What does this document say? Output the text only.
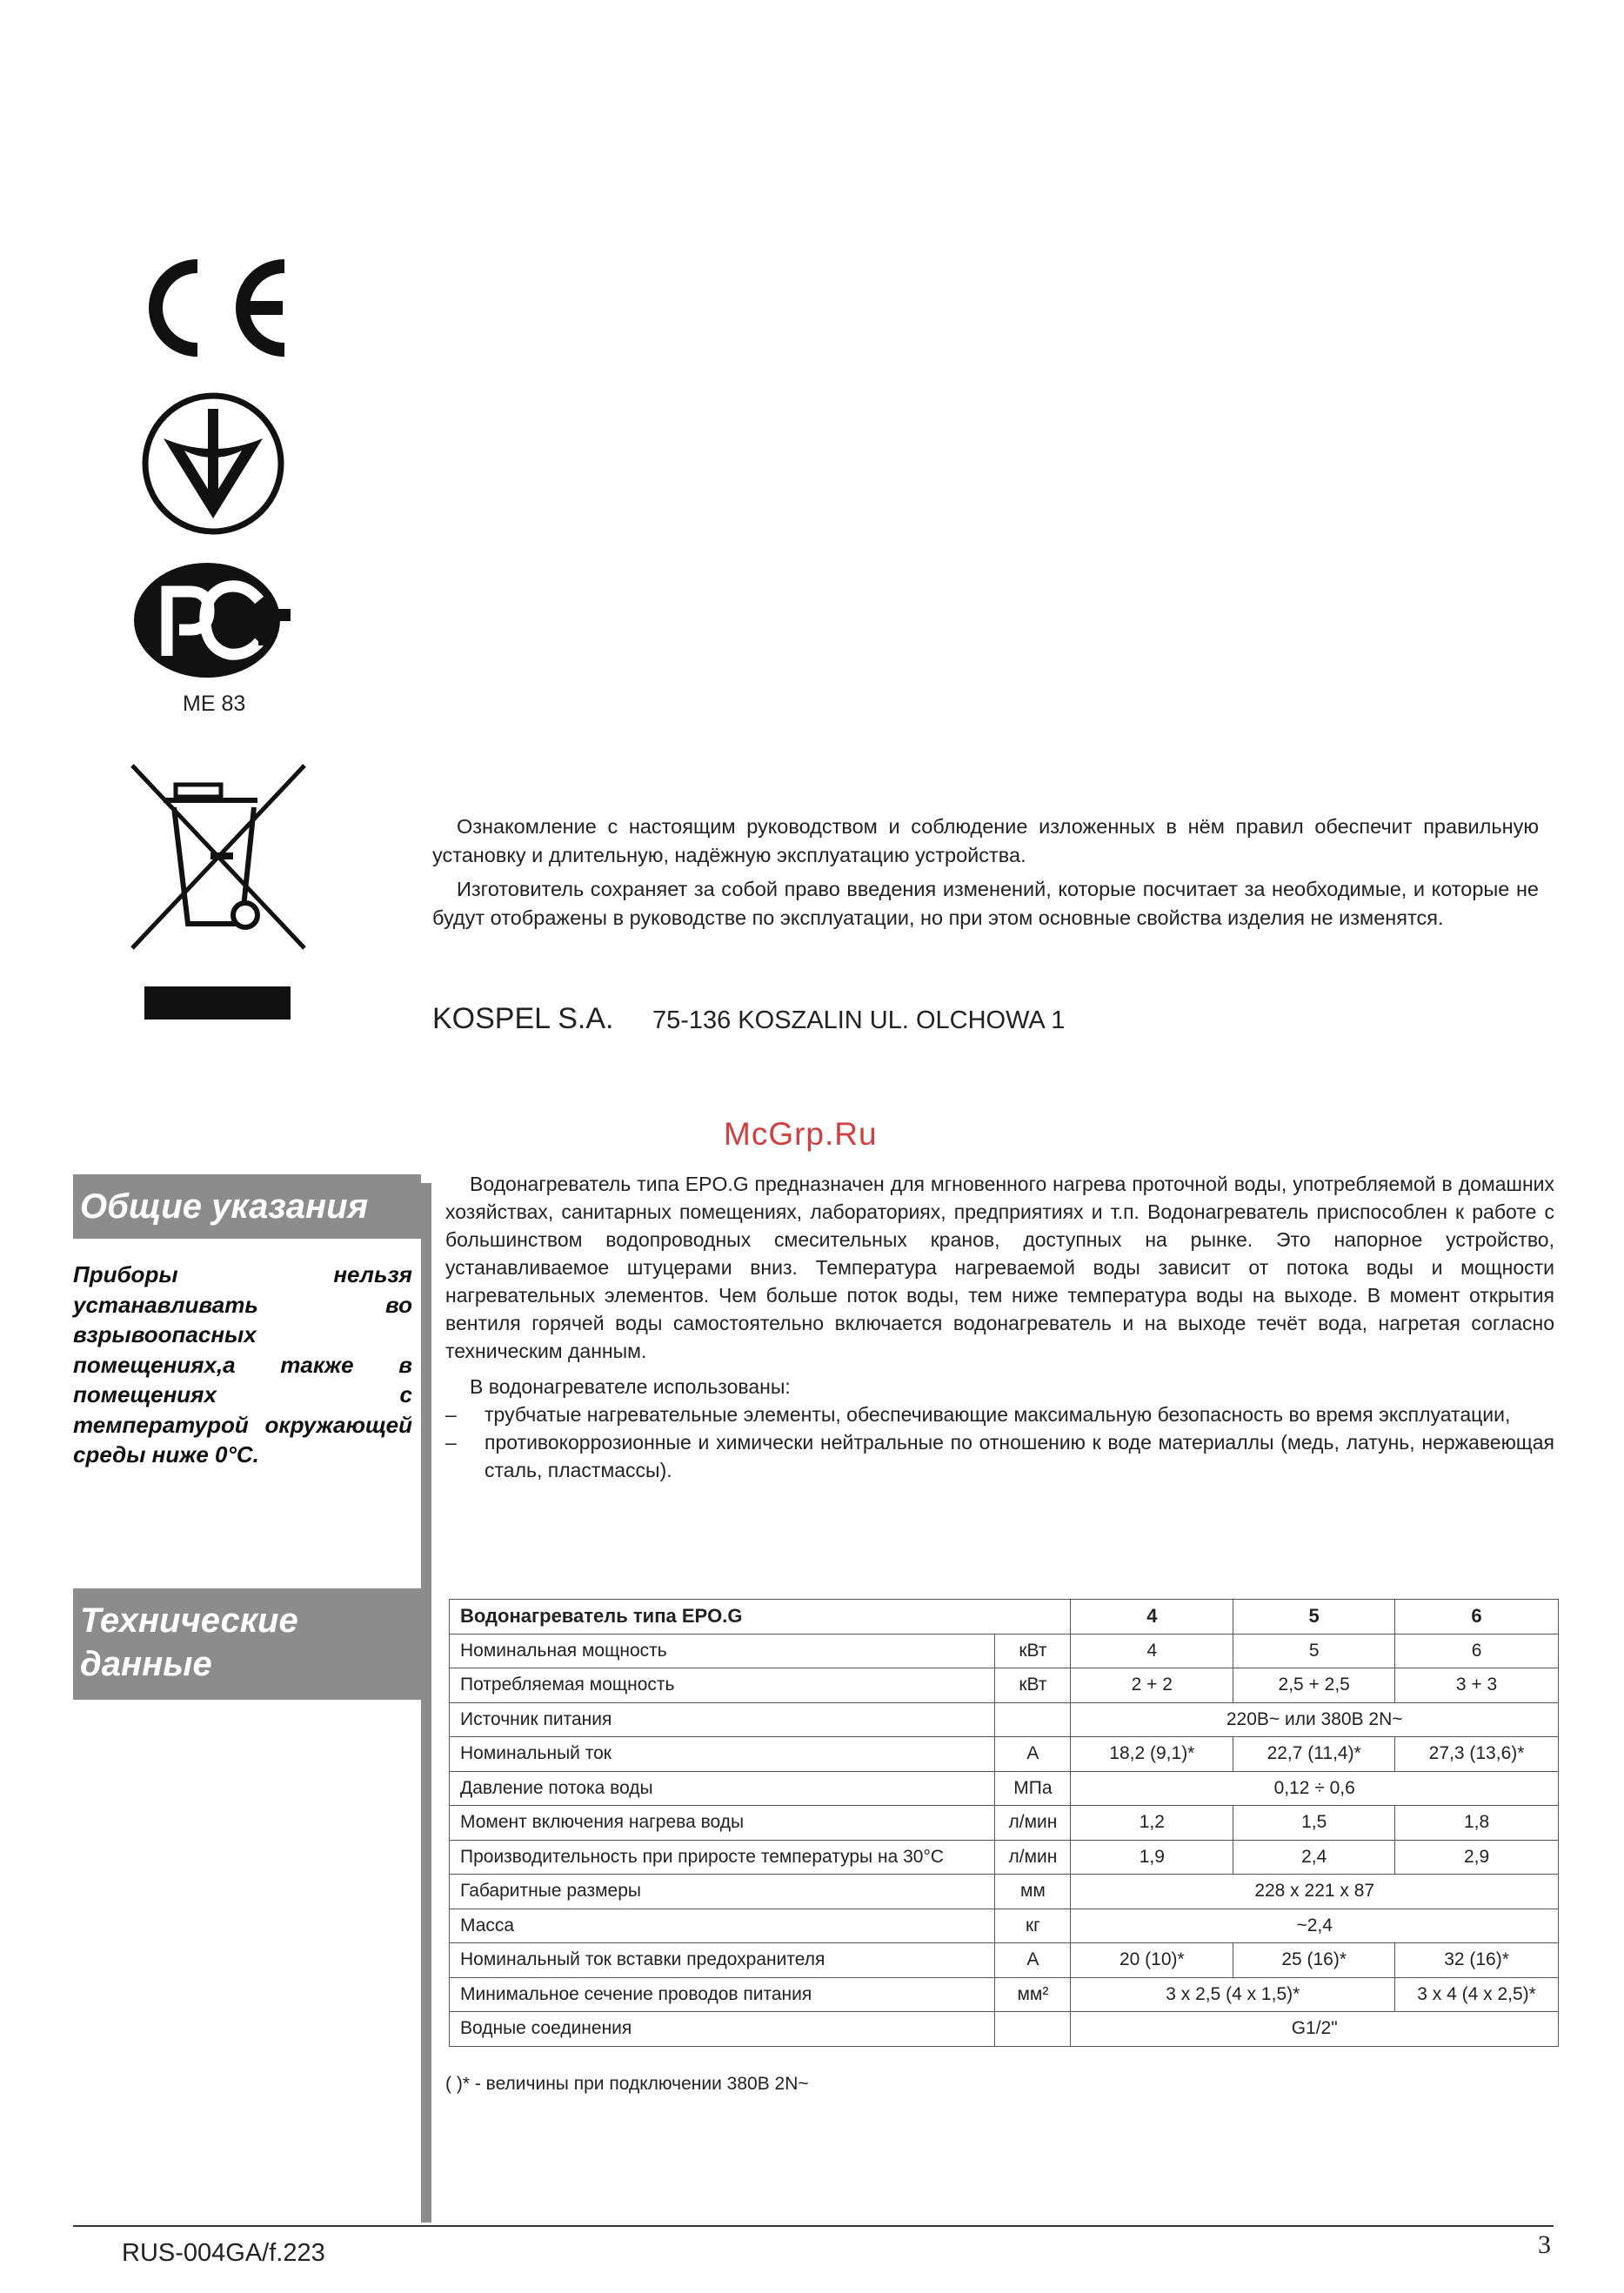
ME 83

Ознакомление с настоящим руководством и соблюдение изложенных в нём правил обеспечит правильную установку и длительную, надёжную эксплуатацию устройства.

Изготовитель сохраняет за собой право введения изменений, которые посчитает за необходимые, и которые не будут отображены в руководстве по эксплуатации, но при этом основные свойства изделия не изменятся.

KOSPEL S.A. 75-136 KOSZALIN UL. OLCHOWA 1
McGrp.Ru
Общие указания
Приборы нельзя устанавливать во взрывоопасных помещениях,а также в помещениях с температурой окружающей среды ниже 0°C.
Технические
данные

Водонагреватель типа EPO.G предназначен для мгновенного нагрева проточной воды, употребляемой в домашних хозяйствах, санитарных помещениях, лабораториях, предприятиях и т.п. Водонагреватель приспособлен к работе с большинством водопроводных смесительных кранов, доступных на рынке. Это напорное устройство, устанавливаемое штуцерами вниз. Температура нагреваемой воды зависит от потока воды и мощности нагревательных элементов. Чем больше поток воды, тем ниже температура воды на выходе. В момент открытия вентиля горячей воды самостоятельно включается водонагреватель и на выходе течёт вода, нагретая согласно техническим данным.

В водонагревателе использованы:

– трубчатые нагревательные элементы, обеспечивающие максимальную безопасность во время эксплуатации,
– противокоррозионные и химически нейтральные по отношению к воде материаллы (медь, латунь, нержавеющая сталь, пластмассы).
Водонагреватель типа EPO.G		4	5	6
Номинальная мощность	кВт	4	5	6
Потребляемая мощность	кВт	2 + 2	2,5 + 2,5	3 + 3
Источник питания		220В~ или 380В 2N~		
Номинальный ток	А	18,2 (9,1)*	22,7 (11,4)*	27,3 (13,6)*
Давление потока воды	МПа	0,12 ÷ 0,6		
Момент включения нагрева воды	л/мин	1,2	1,5	1,8
Производительность при приросте температуры на 30°C	л/мин	1,9	2,4	2,9
Габаритные размеры	мм	228 x 221 x 87		
Масса	кг	~2,4		
Номинальный ток вставки предохранителя	А	20 (10)*	25 (16)*	32 (16)*
Минимальное сечение проводов питания	мм²	3 x 2,5 (4 x 1,5)*		3 x 4 (4 x 2,5)*
Водные соединения		G1/2"		
( )* - величины при подключении 380В 2N~
RUS-004GA/f.223	3
